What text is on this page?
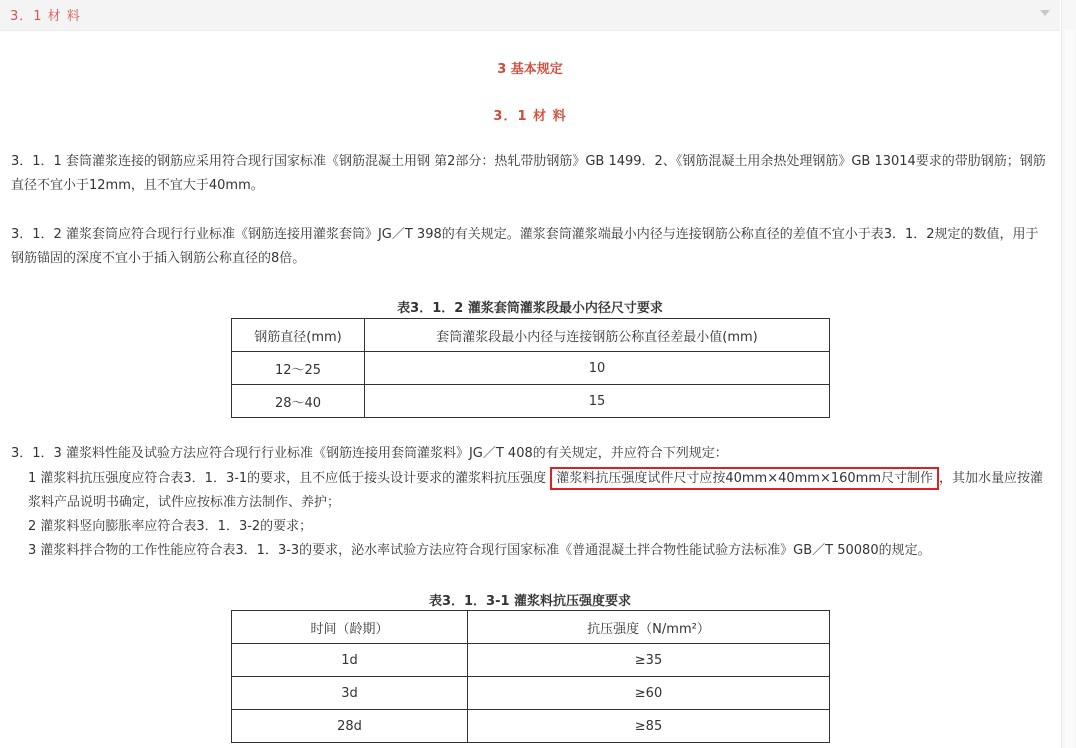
3．1 材 料
3 基本规定
3．1 材 料

3．1．1 套筒灌浆连接的钢筋应采用符合现行国家标准《钢筋混凝土用钢 第2部分：热轧带肋钢筋》GB 1499．2、《钢筋混凝土用余热处理钢筋》GB 13014要求的带肋钢筋；钢筋直径不宜小于12mm，且不宜大于40mm。

3．1．2 灌浆套筒应符合现行行业标准《钢筋连接用灌浆套筒》JG／T 398的有关规定。灌浆套筒灌浆端最小内径与连接钢筋公称直径的差值不宜小于表3．1．2规定的数值，用于钢筋锚固的深度不宜小于插入钢筋公称直径的8倍。

表3．1．2 灌浆套筒灌浆段最小内径尺寸要求
钢筋直径(mm)	套筒灌浆段最小内径与连接钢筋公称直径差最小值(mm)
12～25	10
28～40	15

3．1．3 灌浆料性能及试验方法应符合现行行业标准《钢筋连接用套筒灌浆料》JG／T 408的有关规定，并应符合下列规定：

1 灌浆料抗压强度应符合表3．1．3-1的要求，且不应低于接头设计要求的灌浆料抗压强度 灌浆料抗压强度试件尺寸应按40mm×40mm×160mm尺寸制作 ，其加水量应按灌浆料产品说明书确定，试件应按标准方法制作、养护；

2 灌浆料竖向膨胀率应符合表3．1．3-2的要求；

3 灌浆料拌合物的工作性能应符合表3．1．3-3的要求，泌水率试验方法应符合现行国家标准《普通混凝土拌合物性能试验方法标准》GB／T 50080的规定。

表3．1．3-1 灌浆料抗压强度要求
时间（龄期）	抗压强度（N/mm²）
1d	≥35
3d	≥60
28d	≥85
